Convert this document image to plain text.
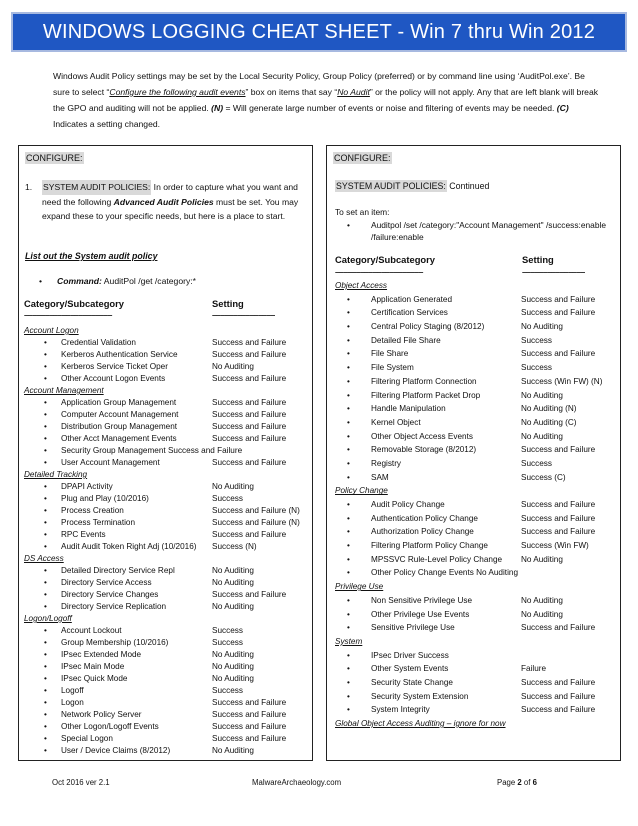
WINDOWS LOGGING CHEAT SHEET - Win 7 thru Win 2012
Windows Audit Policy settings may be set by the Local Security Policy, Group Policy (preferred) or by command line using ‘AuditPol.exe’. Be sure to select “Configure the following audit events” box on items that say “No Audit” or the policy will not apply. Any that are left blank will break the GPO and auditing will not be applied. (N) = Will generate large number of events or noise and filtering of events may be needed. (C) Indicates a setting changed.
CONFIGURE:
1.	SYSTEM AUDIT POLICIES: In order to capture what you want and need the following Advanced Audit Policies must be set. You may expand these to your specific needs, but here is a place to start.
List out the System audit policy
• Command: AuditPol /get /category:*
Category/Subcategory	Setting
–––––––––––––––––––––	–––––––––––––––
Account Logon
• Credential Validation	Success and Failure
• Kerberos Authentication Service	Success and Failure
• Kerberos Service Ticket Oper	No Auditing
• Other Account Logon Events	Success and Failure
Account Management
• Application Group Management	Success and Failure
• Computer Account Management	Success and Failure
• Distribution Group Management	Success and Failure
• Other Acct Management Events	Success and Failure
• Security Group Management Success and Failure
• User Account Management	Success and Failure
Detailed Tracking
• DPAPI Activity	No Auditing
• Plug and Play (10/2016)	Success
• Process Creation	Success and Failure (N)
• Process Termination	Success and Failure (N)
• RPC Events	Success and Failure
• Audit Audit Token Right Adj (10/2016) Success (N)
DS Access
• Detailed Directory Service Repl	No Auditing
• Directory Service Access	No Auditing
• Directory Service Changes	Success and Failure
• Directory Service Replication	No Auditing
Logon/Logoff
• Account Lockout	Success
• Group Membership (10/2016)	Success
• IPsec Extended Mode	No Auditing
• IPsec Main Mode	No Auditing
• IPsec Quick Mode	No Auditing
• Logoff	Success
• Logon	Success and Failure
• Network Policy Server	Success and Failure
• Other Logon/Logoff Events	Success and Failure
• Special Logon	Success and Failure
• User / Device Claims (8/2012)	No Auditing
CONFIGURE:
SYSTEM AUDIT POLICIES: Continued
To set an item:
•	Auditpol /set /category:"Account Management" /success:enable /failure:enable
Category/Subcategory	Setting
–––––––––––––––––––––	–––––––––––––––
Object Access
•	Application Generated	Success and Failure
•	Certification Services	Success and Failure
•	Central Policy Staging (8/2012)	No Auditing
•	Detailed File Share	Success
•	File Share	Success and Failure
•	File System	Success
•	Filtering Platform Connection	Success (Win FW) (N)
•	Filtering Platform Packet Drop	No Auditing
•	Handle Manipulation	No Auditing (N)
•	Kernel Object	No Auditing (C)
•	Other Object Access Events	No Auditing
•	Removable Storage (8/2012)	Success and Failure
•	Registry	Success
•	SAM	Success (C)
Policy Change
•	Audit Policy Change	Success and Failure
•	Authentication Policy Change	Success and Failure
•	Authorization Policy Change	Success and Failure
•	Filtering Platform Policy Change	Success (Win FW)
•	MPSSVC Rule-Level Policy Change No Auditing
•	Other Policy Change Events No Auditing
Privilege Use
•	Non Sensitive Privilege Use	No Auditing
•	Other Privilege Use Events	No Auditing
•	Sensitive Privilege Use	Success and Failure
System
•	IPsec Driver Success
•	Other System Events	Failure
•	Security State Change	Success and Failure
•	Security System Extension	Success and Failure
•	System Integrity	Success and Failure
Global Object Access Auditing – ignore for now
Oct 2016 ver 2.1	MalwareArchaeology.com	Page 2 of 6
